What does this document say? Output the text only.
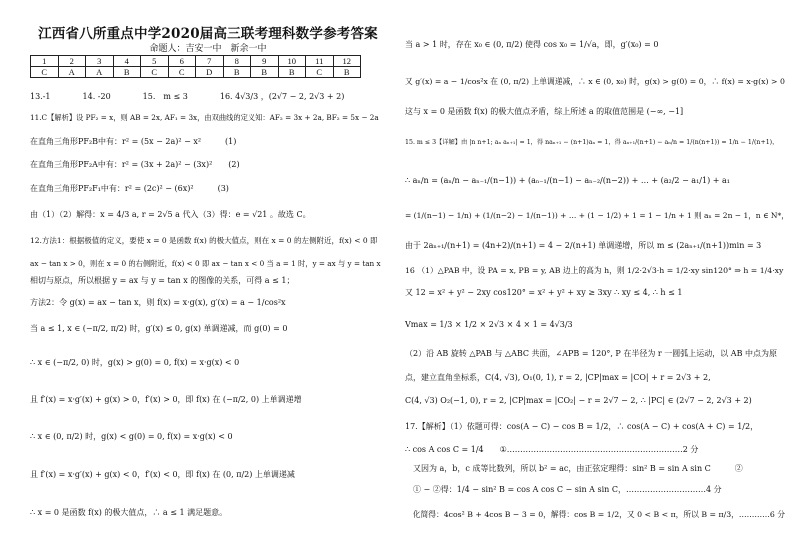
江西省八所重点中学2020届高三联考理科数学参考答案
命题人：吉安一中　新余一中
1	2	3	4	5	6	7	8	9	10	11	12
C	A	A	B	C	C	D	B	B	B	C	B
13.-1　　　　14. -20　　　　15.　m ≤ 3　　　　16. 4√3/3 ，(2√7 − 2, 2√3 + 2)
11.C【解析】设 PF₂ = x，则 AB = 2x, AF₁ = 3x，由双曲线的定义知：AF₂ = 3x + 2a, BF₂ = 5x − 2a
在直角三角形PF₂B中有：r² = (5x − 2a)² − x²　　　(1)
在直角三角形PF₂A中有：r² = (3x + 2a)² − (3x)²　　(2)
在直角三角形PF₂F₁中有：r² = (2c)² − (6x)²　　　(3)
由（1）（2）解得：x = 4/3 a, r = 2√5 a 代入（3）得：e = √21 。故选 C。
12.方法1：根据极值的定义，要使 x = 0 是函数 f(x) 的极大值点，则在 x = 0 的左侧附近，f(x) < 0 即
ax − tan x > 0，则在 x = 0 的右侧附近，f(x) < 0 即 ax − tan x < 0 当 a = 1 时，y = ax 与 y = tan x
相切与原点，所以根据 y = ax 与 y = tan x 的图像的关系，可得 a ≤ 1；
方法2：令 g(x) = ax − tan x，则 f(x) = x·g(x), g′(x) = a − 1/cos²x
当 a ≤ 1, x ∈ (−π/2, π/2) 时，g′(x) ≤ 0, g(x) 单调递减，而 g(0) = 0
∴ x ∈ (−π/2, 0) 时，g(x) > g(0) = 0, f(x) = x·g(x) < 0
且 f′(x) = x·g′(x) + g(x) > 0，f′(x) > 0，即 f(x) 在 (−π/2, 0) 上单调递增
∴ x ∈ (0, π/2) 时，g(x) < g(0) = 0, f(x) = x·g(x) < 0
且 f′(x) = x·g′(x) + g(x) < 0，f′(x) < 0，即 f(x) 在 (0, π/2) 上单调递减
∴ x = 0 是函数 f(x) 的极大值点，∴ a ≤ 1 满足题意。
当 a > 1 时，存在 x₀ ∈ (0, π/2) 使得 cos x₀ = 1/√a，即，g′(x₀) = 0
又 g′(x) = a − 1/cos²x 在 (0, π/2) 上单调递减，∴ x ∈ (0, x₀) 时，g(x) > g(0) = 0，∴ f(x) = x·g(x) > 0
这与 x = 0 是函数 f(x) 的极大值点矛盾，综上所述 a 的取值范围是 (−∞, −1]
15. m ≤ 3【详解】由 |n n+1; aₙ aₙ₊₁| = 1，得 naₙ₊₁ − (n+1)aₙ = 1，得 aₙ₊₁/(n+1) − aₙ/n = 1/(n(n+1)) = 1/n − 1/(n+1)，
∴ aₙ/n = (aₙ/n − aₙ₋₁/(n−1)) + (aₙ₋₁/(n−1) − aₙ₋₂/(n−2)) + … + (a₂/2 − a₁/1) + a₁
= (1/(n−1) − 1/n) + (1/(n−2) − 1/(n−1)) + … + (1 − 1/2) + 1 = 1 − 1/n + 1 则 aₙ = 2n − 1，n ∈ N*，
由于 2aₙ₊₁/(n+1) = (4n+2)/(n+1) = 4 − 2/(n+1) 单调递增，所以 m ≤ (2aₙ₊₁/(n+1))min = 3
16 （1）△PAB 中，设 PA = x, PB = y, AB 边上的高为 h，则 1/2·2√3·h = 1/2·xy sin120° ⇒ h = 1/4·xy
又 12 = x² + y² − 2xy cos120° = x² + y² + xy ≥ 3xy ∴ xy ≤ 4, ∴ h ≤ 1
Vmax = 1/3 × 1/2 × 2√3 × 4 × 1 = 4√3/3
（2）沿 AB 旋转 △PAB 与 △ABC 共面，∠APB = 120°, P 在半径为 r 一圆弧上运动，以 AB 中点为原
点，建立直角坐标系，C(4, √3), O₁(0, 1), r = 2, |CP|max = |CO| + r = 2√3 + 2,
C(4, √3) O₂(−1, 0), r = 2, |CP|max = |CO₂| − r = 2√7 − 2, ∴ |PC| ∈ (2√7 − 2, 2√3 + 2)
17.【解析】（1）依题可得：cos(A − C) − cos B = 1/2，∴ cos(A − C) + cos(A + C) = 1/2，
∴ cos A cos C = 1/4　　①…………………………………………………………2 分
　又因为 a，b，c 成等比数列，所以 b² = ac，由正弦定理得：sin² B = sin A sin C　　　②
　① − ②得：1/4 − sin² B = cos A cos C − sin A sin C，…………………………4 分
　化简得：4cos² B + 4cos B − 3 = 0，解得：cos B = 1/2，又 0 < B < π，所以 B = π/3，…………6 分
